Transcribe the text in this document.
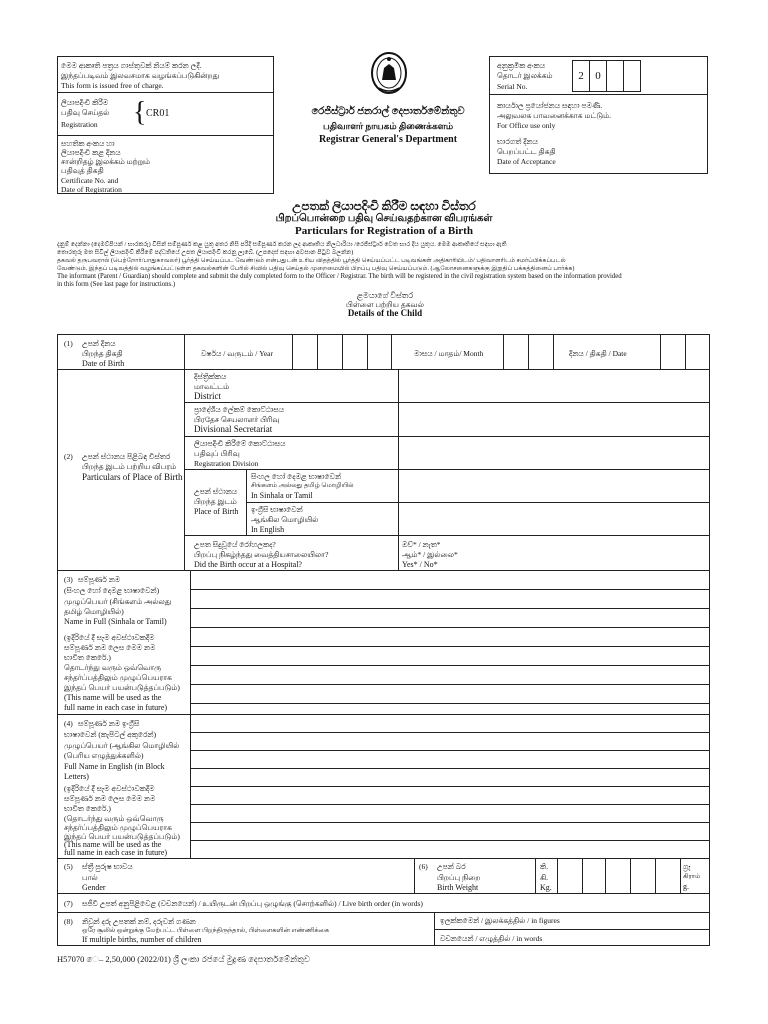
මෙම ආකෘති පත්‍රය ගාස්තුවක් නියම් කරන ලදී.
இந்தப்படிவம் இலவசமாக வழங்கப்படுகின்றது
This form is issued free of charge.
ලියාපදිංචි කිරීම
பதிவு செய்தல்
Registration { CR01
සහතික අංකය හා
ලියාපදිංචි කළ දිනය
சான்றிதழ் இலக்கம் மற்றும்
பதிவுத் திகதி
Certificate No. and
Date of Registration
රෙජිස්ට්‍රාර් ජනරාල් දෙපාර්තමේන්තුව
பதிவாளர் நாயகம் திணைக்களம்
Registrar General's Department
අනුක්‍රමික අංකය
தொடர் இலக்கம்
Serial No.
2	0		
කාර්යාල ප්‍රයෝජනය සඳහා පමණි.
அலுவலக பாவனைக்காக மட்டும்.
For Office use only
භාරගත් දිනය
பெறப்பட்ட திகதி
Date of Acceptance
උපතක් ලියාපදිංචි කිරීම සඳහා විස්තර
பிறப்பொன்றை பதிவு செய்வதற்கான விபரங்கள்
Particulars for Registration of a Birth
දැනුම් දෙන්නා (දෙමව්පියන් / භාරකරු) විසින් සම්පූර්ණ කළ යුතු අතර නිසි පරිදි සම්පූර්ණ කරන ලද ආකෘතිය නිලධාරියා /රෙජිස්ට්‍රාර් වෙත භාර දිය යුතුය. මෙම ආකෘතියේ සඳහා ඇති
තොරතුරු මත සිවිල් ලියාපදිංචි කිරීමේ පද්ධතියේ උපත ලියාපදිංචි කරනු ලැබේ. (උපදෙස් සඳහා අවසාන පිටුව බලන්න)
தகவல் தருபவரால் (பெற்றோர்/பாதுகாவலர்) பூர்த்தி செய்யப்பட வேண்டும் என்பதுடன் உரிய விதத்தில் பூர்த்தி செய்யப்பட்ட படிவங்கள் அதிகாரியிடம்/ பதிவாளரிடம் சமர்ப்பிக்கப்படல்
வேண்டும். இந்தப் படிவத்தில் வழங்கப்பட்டுள்ள தகவல்களின் பேரில் சிவில் பதிவு செய்தல் முறைமையில் பிறப்பு பதிவு செய்யப்படும். (ஆலோசனைகளுக்கு இறுதிப் பக்கத்தினைப் பார்க்க)
The informant (Parent / Guardian) should complete and submit the duly completed form to the Officer / Registrar. The birth will be registered in the civil registration system based on the information provided
in this form (See last page for instructions.)
ළමයාගේ විස්තර
பிள்ளை பற்றிய தகவல்
Details of the Child
(1) උපන් දිනය
பிறந்த திகதி
Date of Birth
වර්ෂය / வருடம் / Year	මාසය / மாதம்/ Month	දිනය / திகதி / Date
(2) උපන් ස්ථානය පිළිබඳ විස්තර
பிறந்த இடம் பற்றிய விபரம்
Particulars of Place of Birth
දිස්ත්‍රික්කය
மாவட்டம்
District
ප්‍රාදේශීය ලේකම් කොට්ඨාසය
பிரதேச செயலாளர் பிரிவு
Divisional Secretariat
ලියාපදිංචි කිරීමේ කොට්ඨාසය
பதிவுப் பிரிவு
Registration Division
උපන් ස්ථානය
பிறந்த இடம்
Place of Birth
සිංහල හෝ දෙමළ භාෂාවෙන්
சிங்களம் அல்லது தமிழ் மொழியில்
In Sinhala or Tamil
ඉංග්‍රීසි භාෂාවෙන්
ஆங்கில மொழியில்
In English
උපත සිදුවූයේ රෝහලකද?
பிறப்பு நிகழ்ந்தது வைத்தியசாலையிலா?
Did the Birth occur at a Hospital?
ඔව්* / නැත*
ஆம்* / இல்லை*
Yes* / No*
(3) සම්පූර්ණ නම
(සිංහල හෝ දෙමළ භාෂාවෙන්)
முழுப்பெயர் (சிங்களம் அல்லது
தமிழ் மொழியில்)
Name in Full (Sinhala or Tamil)
(ඉදිරියේ දී සෑම අවස්ථාවකදීම
සම්පූර්ණ නම ලෙස මෙම නම
භාවිත කෙරේ.)
தொடர்ந்து வரும் ஒவ்வொரு
சந்தர்ப்பத்திலும் முழுப்பெயராக
இந்தப் பெயர் பயன்படுத்தப்படும்)
(This name will be used as the
full name in each case in future)
(4) සම්පූර්ණ නම ඉංග්‍රීසි
භාෂාවෙන් (කැපිටල් අකුරෙන්)
முழுப்பெயர் (ஆங்கில மொழியில்
(பெரிய எழுத்துக்களில்)
Full Name in English (in Block
Letters)
(ඉදිරියේ දී සෑම අවස්ථාවකදීම
සම්පූර්ණ නම ලෙස මෙම නම
භාවිත කෙරේ.)
(தொடர்ந்து வரும் ஒவ்வொரு
சந்தர்ப்பத்திலும் முழுப்பெயராக
இந்தப் பெயர் பயன்படுத்தப்படும்)
(This name will be used as the
full name in each case in future)
(5) ස්ත්‍රී පුරුෂ භාවය
பால்
Gender
(6) උපන් බර
பிறப்பு நிறை
Birth Weight
කි.
கி.
Kg.
ග්‍රෑ
கிராம்
g.
(7) සජීවී උපත් අනුපිළිවෙළ (වචනයෙන්) / உயிருடன் பிறப்பு ஒழுங்கு (சொற்களில்) / Live birth order (in words)
(8) නිවුන් දරු උපතක් නම්, දරුවන් ගණන
ஒரே சூலில் ஒன்றுக்கு மேற்பட்ட பிள்ளை பிறந்திருந்தால், பிள்ளைகளின் எண்ணிக்கை
If multiple births, number of children
ඉලක්කමෙන් / இலக்கத்தில் / in figures
වචනයෙන් / எழுத்தில் / in words
H57070 ෙ– 2,50,000 (2022/01) ශ්‍රී ලංකා රජයේ මුද්‍රණ දෙපාර්තමේන්තුව
